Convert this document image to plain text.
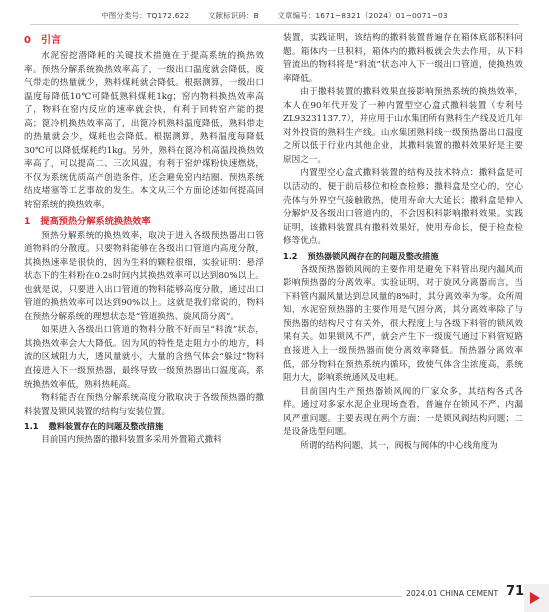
中图分类号：TQ172.622	文献标识码：B	文章编号：1671−8321（2024）01−0071−03

0 引言

水泥窑挖潜降耗的关键技术措施在于提高系统的换热效率。预热分解系统换热效率高了，一级出口温度就会降低，废气带走的热量就少，熟料煤耗就会降低。根据测算，一级出口温度每降低10℃可降低熟料煤耗1kg；窑内物料换热效率高了，物料在窑内反应的速率就会快，有利于回转窑产能的提高；篦冷机换热效率高了，出篦冷机熟料温度降低，熟料带走的热量就会少，煤耗也会降低。根据测算，熟料温度每降低30℃可以降低煤耗约1kg。另外，熟料在篦冷机高温段换热效率高了，可以提高二、三次风温，有利于窑炉煤粉快速燃烧，不仅为系统优质高产创造条件，还会避免窑内结圈、预热系统结皮堵塞等工艺事故的发生。本文从三个方面论述如何提高回转窑系统的换热效率。

1 提高预热分解系统换热效率

预热分解系统的换热效率，取决于进入各级预热器出口管道物料的分散度。只要物料能够在各级出口管道内高度分散，其换热速率是很快的，因为生料的颗粒很细，实验证明：悬浮状态下的生料粉在0.2s时间内其换热效率可以达到80%以上。也就是说，只要进入出口管道的物料能够高度分散，通过出口管道的换热效率可以达到90%以上。这就是我们常说的，物料在预热分解系统的理想状态是“管道换热、旋风筒分离”。

如果进入各级出口管道的物料分散不好而呈“料流”状态，其换热效率会大大降低。因为风的特性是走阻力小的地方，料流的区域阻力大，透风量就小，大量的含热气体会“躲过”物料直接进入下一级预热器，最终导致一级预热器出口温度高，系统换热效率低，熟料热耗高。

物料能否在预热分解系统高度分散取决于各级预热器的撒料装置及锁风装置的结构与安装位置。

1.1 撒料装置存在的问题及整改措施

目前国内预热器的撒料装置多采用外置箱式撒料

装置，实践证明，该结构的撒料装置普遍存在箱体底部积料问题。箱体内一旦积料，箱体内的撒料板就会失去作用，从下料管流出的物料将是“料流”状态冲入下一级出口管道，使换热效率降低。

由于撒料装置的撒料效果直接影响预热系统的换热效率，本人在90年代开发了一种内置型空心盒式撒料装置（专利号ZL93231137.7），并应用于山水集团所有熟料生产线及近几年对外投资的熟料生产线。山水集团熟料线一级预热器出口温度之所以低于行业内其他企业，其撒料装置的撒料效果好是主要原因之一。

内置型空心盒式撒料装置的结构及技术特点：撒料盒是可以活动的，便于前后移位和检查检修；撒料盒是空心的，空心壳体与外界空气接触散热，使用寿命大大延长；撒料盒是伸入分解炉及各级出口管道内的，不会因积料影响撒料效果。实践证明，该撒料装置具有撒料效果好，使用寿命长，便于检查检修等优点。

1.2 预热器锁风阀存在的问题及整改措施

各级预热器锁风阀的主要作用是避免下料管出现内漏风而影响预热器的分离效率。实验证明，对于旋风分离器而言，当下料管内漏风量达到总风量的8%时，其分离效率为零。众所周知，水泥窑预热器的主要作用是气固分离，其分离效率除了与预热器的结构尺寸有关外，很大程度上与各级下料管的锁风效果有关。如果锁风不严，就会产生下一级废气通过下料管短路直接进入上一级预热器而使分离效率降低。预热器分离效率低，部分物料在预热系统内循环，致使气体含尘浓度高，系统阻力大，影响系统通风及电耗。

目前国内生产预热器锁风阀的厂家众多，其结构各式各样。通过对多家水泥企业现场查看，普遍存在锁风不严、内漏风严重问题。主要表现在两个方面：一是锁风阀结构问题；二是设备选型问题。

所谓的结构问题，其一，阀板与阀体的中心线角度为

2024.01 CHINA CEMENT 71
